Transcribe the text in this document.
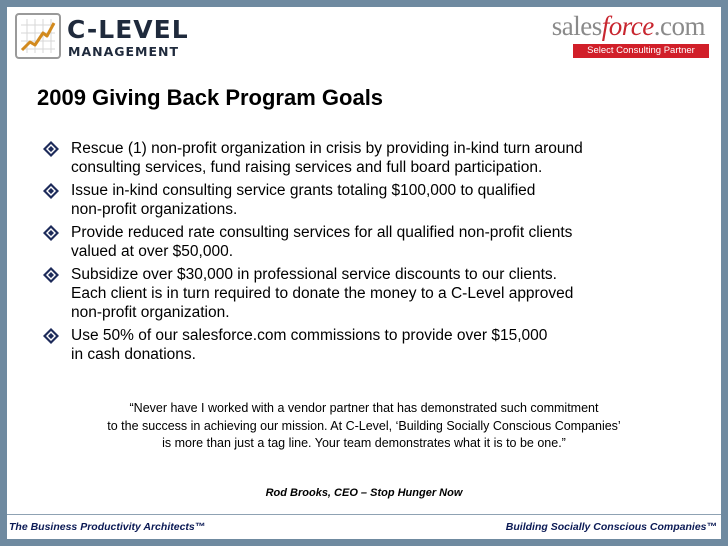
C-LEVEL
MANAGEMENT
salesforce.com
Select Consulting Partner
2009 Giving Back Program Goals
Rescue (1) non-profit organization in crisis by providing in-kind turn around
consulting services, fund raising services and full board participation.
Issue in-kind consulting service grants totaling $100,000 to qualified
non-profit organizations.
Provide reduced rate consulting services for all qualified non-profit clients
valued at over $50,000.
Subsidize over $30,000 in professional service discounts to our clients.
Each client is in turn required to donate the money to a C-Level approved
non-profit organization.
Use 50% of our salesforce.com commissions to provide over $15,000
in cash donations.
“Never have I worked with a vendor partner that has demonstrated such commitment
to the success in achieving our mission. At C-Level, ‘Building Socially Conscious Companies’
is more than just a tag line. Your team demonstrates what it is to be one.”
Rod Brooks, CEO – Stop Hunger Now
The Business Productivity Architects™	Building Socially Conscious Companies™
